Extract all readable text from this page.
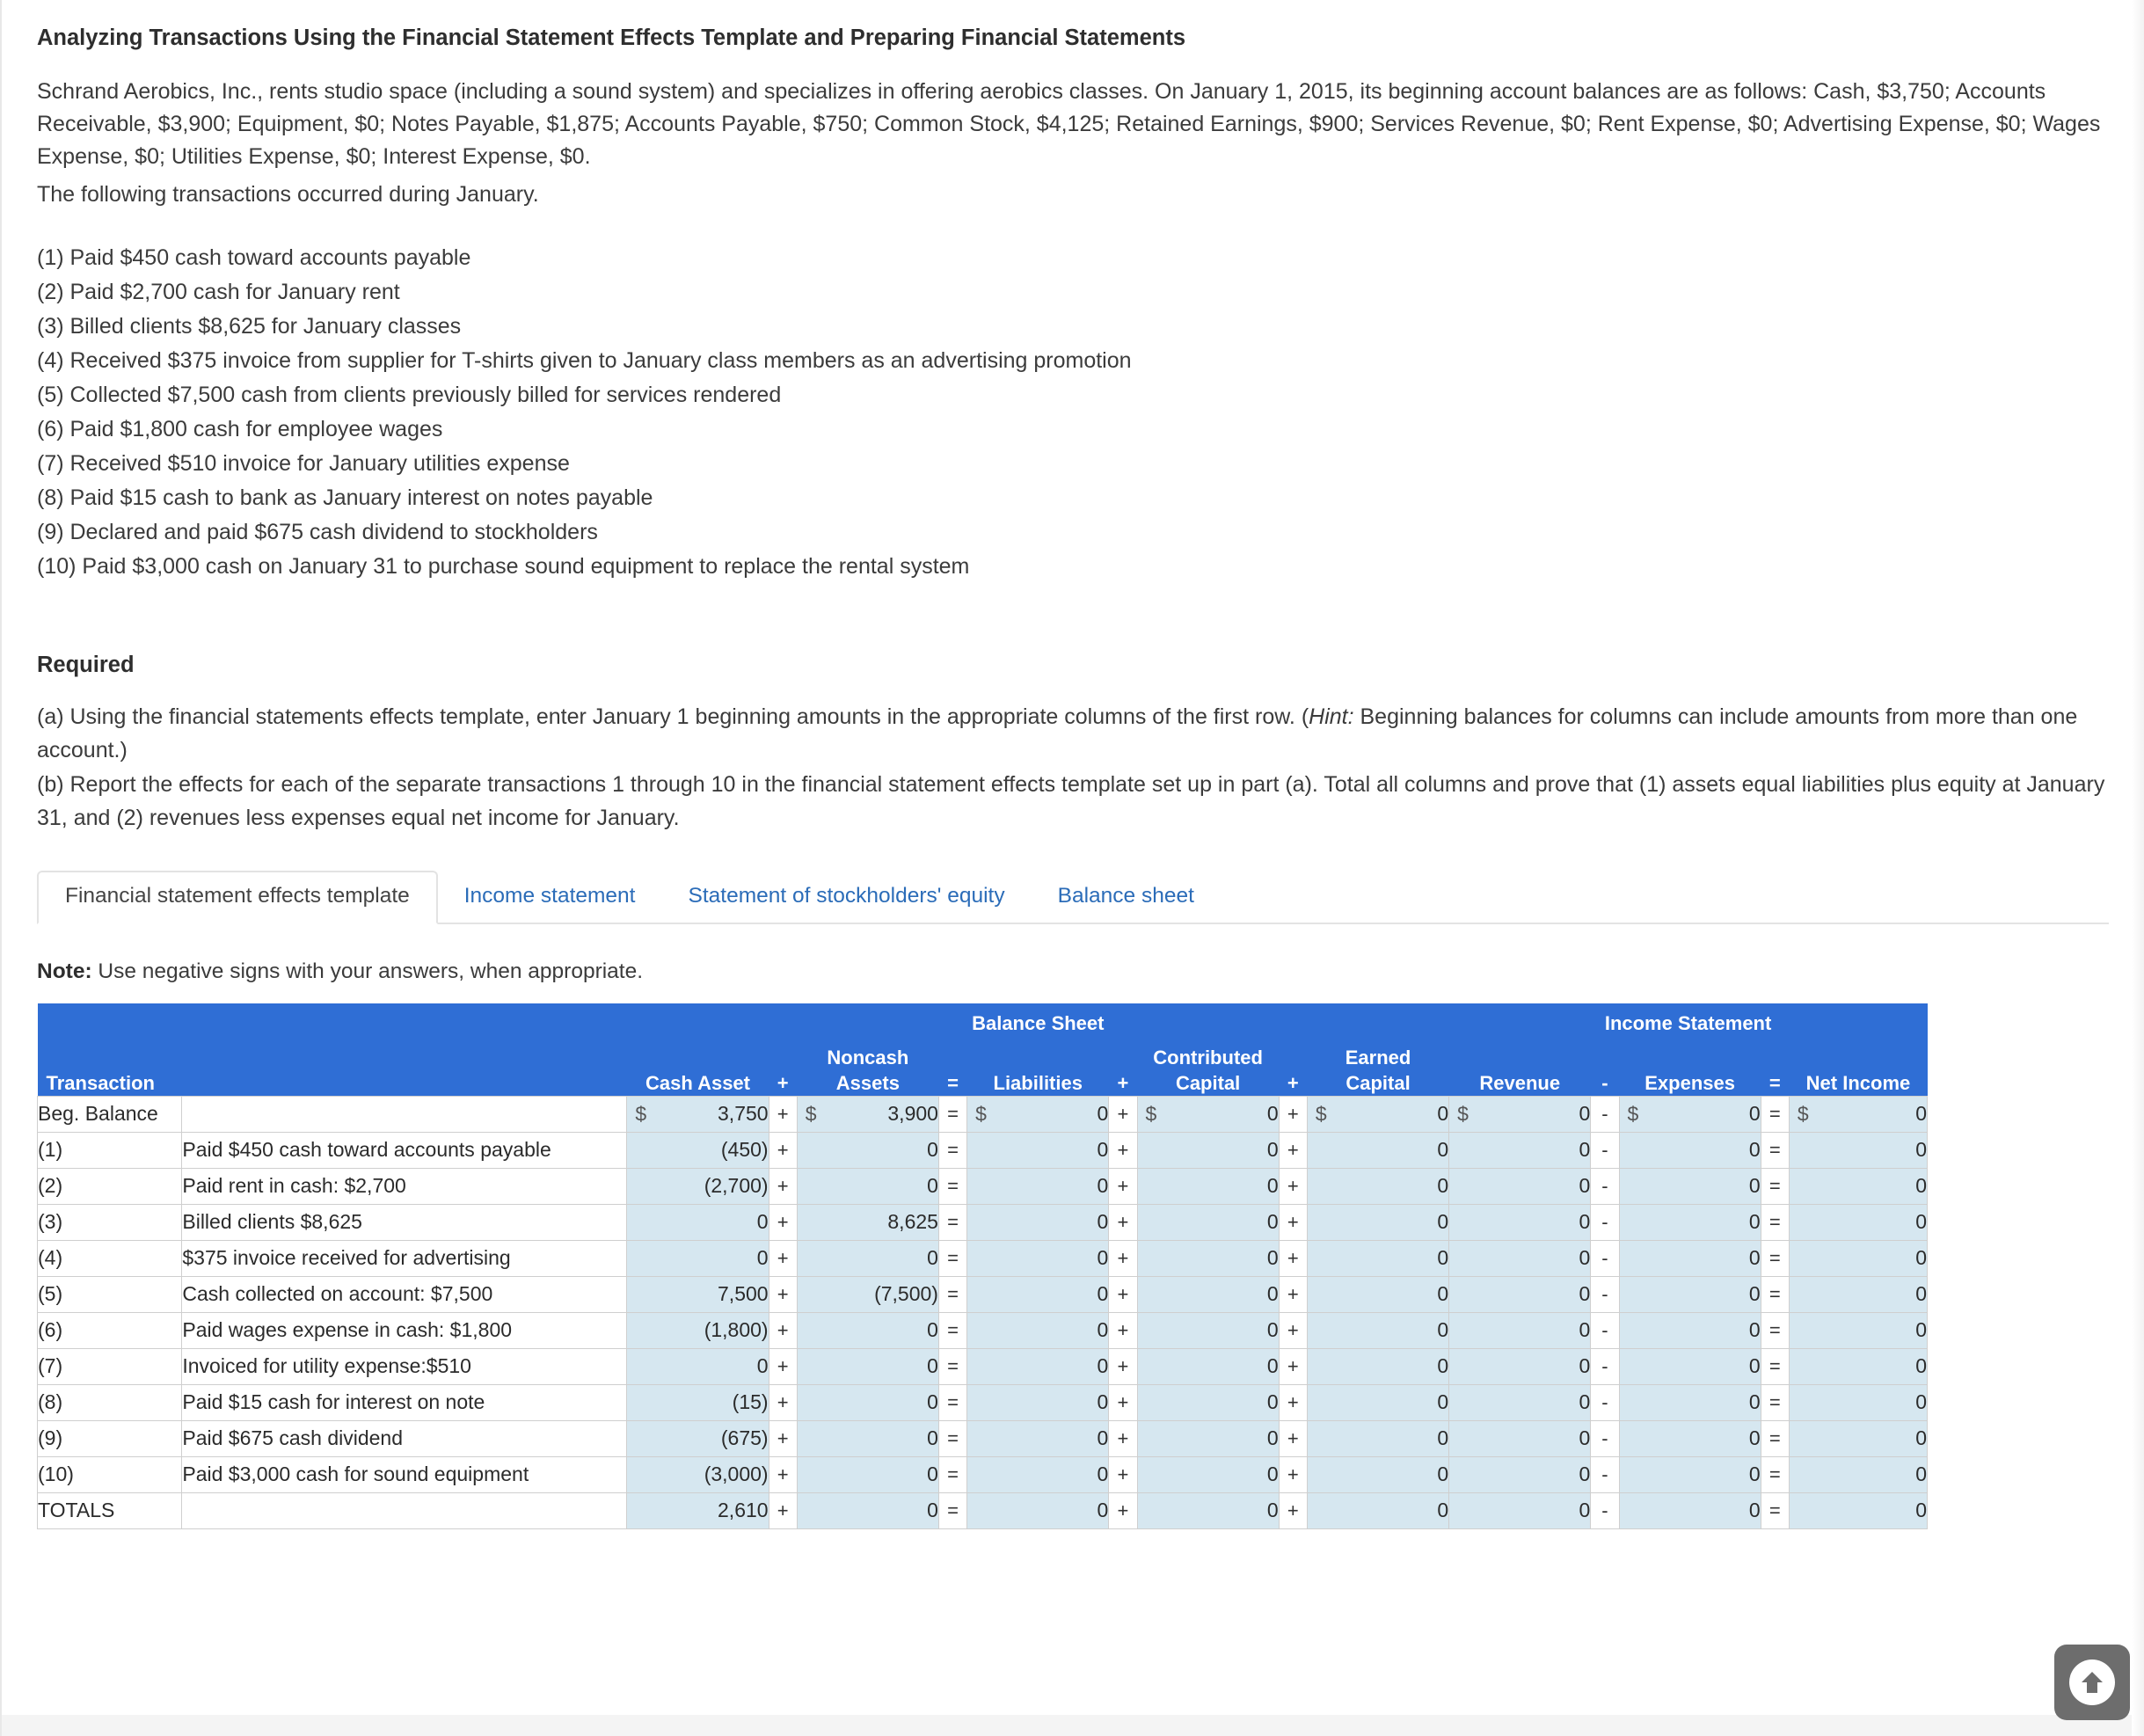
Analyzing Transactions Using the Financial Statement Effects Template and Preparing Financial Statements
Schrand Aerobics, Inc., rents studio space (including a sound system) and specializes in offering aerobics classes. On January 1, 2015, its beginning account balances are as follows: Cash, $3,750; Accounts Receivable, $3,900; Equipment, $0; Notes Payable, $1,875; Accounts Payable, $750; Common Stock, $4,125; Retained Earnings, $900; Services Revenue, $0; Rent Expense, $0; Advertising Expense, $0; Wages Expense, $0; Utilities Expense, $0; Interest Expense, $0.
The following transactions occurred during January.
(1) Paid $450 cash toward accounts payable
(2) Paid $2,700 cash for January rent
(3) Billed clients $8,625 for January classes
(4) Received $375 invoice from supplier for T-shirts given to January class members as an advertising promotion
(5) Collected $7,500 cash from clients previously billed for services rendered
(6) Paid $1,800 cash for employee wages
(7) Received $510 invoice for January utilities expense
(8) Paid $15 cash to bank as January interest on notes payable
(9) Declared and paid $675 cash dividend to stockholders
(10) Paid $3,000 cash on January 31 to purchase sound equipment to replace the rental system
Required
(a) Using the financial statements effects template, enter January 1 beginning amounts in the appropriate columns of the first row. (Hint: Beginning balances for columns can include amounts from more than one account.)
(b) Report the effects for each of the separate transactions 1 through 10 in the financial statement effects template set up in part (a). Total all columns and prove that (1) assets equal liabilities plus equity at January 31, and (2) revenues less expenses equal net income for January.
Financial statement effects template	Income statement	Statement of stockholders' equity	Balance sheet
Note: Use negative signs with your answers, when appropriate.
		Balance Sheet									Income Statement				
				Noncash				Contributed		Earned					
Transaction		Cash Asset	+	Assets	=	Liabilities	+	Capital	+	Capital	Revenue	-	Expenses	=	Net Income
Beg. Balance		$ 3,750	+	$ 3,900	=	$ 0	+	$ 0	+	$ 0	$ 0	-	$ 0	=	$ 0
(1)	Paid $450 cash toward accounts payable	(450)	+	0	=	0	+	0	+	0	0	-	0	=	0
(2)	Paid rent in cash: $2,700	(2,700)	+	0	=	0	+	0	+	0	0	-	0	=	0
(3)	Billed clients $8,625	0	+	8,625	=	0	+	0	+	0	0	-	0	=	0
(4)	$375 invoice received for advertising	0	+	0	=	0	+	0	+	0	0	-	0	=	0
(5)	Cash collected on account: $7,500	7,500	+	(7,500)	=	0	+	0	+	0	0	-	0	=	0
(6)	Paid wages expense in cash: $1,800	(1,800)	+	0	=	0	+	0	+	0	0	-	0	=	0
(7)	Invoiced for utility expense:$510	0	+	0	=	0	+	0	+	0	0	-	0	=	0
(8)	Paid $15 cash for interest on note	(15)	+	0	=	0	+	0	+	0	0	-	0	=	0
(9)	Paid $675 cash dividend	(675)	+	0	=	0	+	0	+	0	0	-	0	=	0
(10)	Paid $3,000 cash for sound equipment	(3,000)	+	0	=	0	+	0	+	0	0	-	0	=	0
TOTALS		2,610	+	0	=	0	+	0	+	0	0	-	0	=	0
